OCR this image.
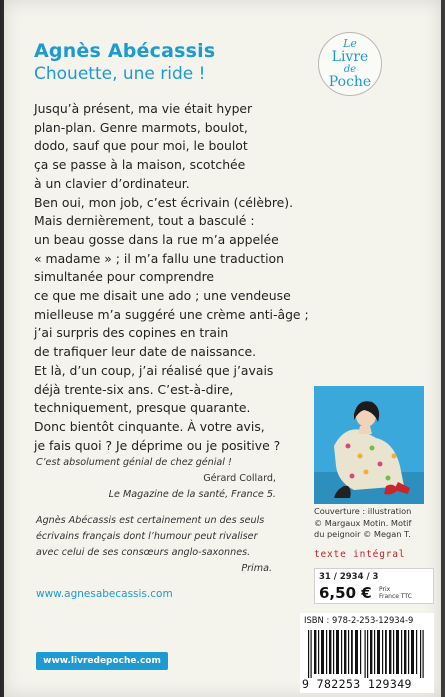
Agnès Abécassis
Chouette, une ride !
Le
Livre
de
Poche
Jusqu’à présent, ma vie était hyper
plan-plan. Genre marmots, boulot,
dodo, sauf que pour moi, le boulot
ça se passe à la maison, scotchée
à un clavier d’ordinateur.
Ben oui, mon job, c’est écrivain (célèbre).
Mais dernièrement, tout a basculé :
un beau gosse dans la rue m’a appelée
« madame » ; il m’a fallu une traduction
simultanée pour comprendre
ce que me disait une ado ; une vendeuse
mielleuse m’a suggéré une crème anti-âge ;
j’ai surpris des copines en train
de trafiquer leur date de naissance.
Et là, d’un coup, j’ai réalisé que j’avais
déjà trente-six ans. C’est-à-dire,
techniquement, presque quarante.
Donc bientôt cinquante. À votre avis,
je fais quoi ? Je déprime ou je positive ?
C’est absolument génial de chez génial !
Gérard Collard,
Le Magazine de la santé, France 5.
Agnès Abécassis est certainement un des seuls
écrivains français dont l’humour peut rivaliser
avec celui de ses consœurs anglo-saxonnes.
Prima.
www.agnesabecassis.com
www.livredepoche.com
Couverture : illustration
© Margaux Motin. Motif
du peignoir © Megan T.
texte intégral
31 / 2934 / 3
6,50 € Prix
France TTC
ISBN : 978-2-253-12934-9
9 782253 129349
